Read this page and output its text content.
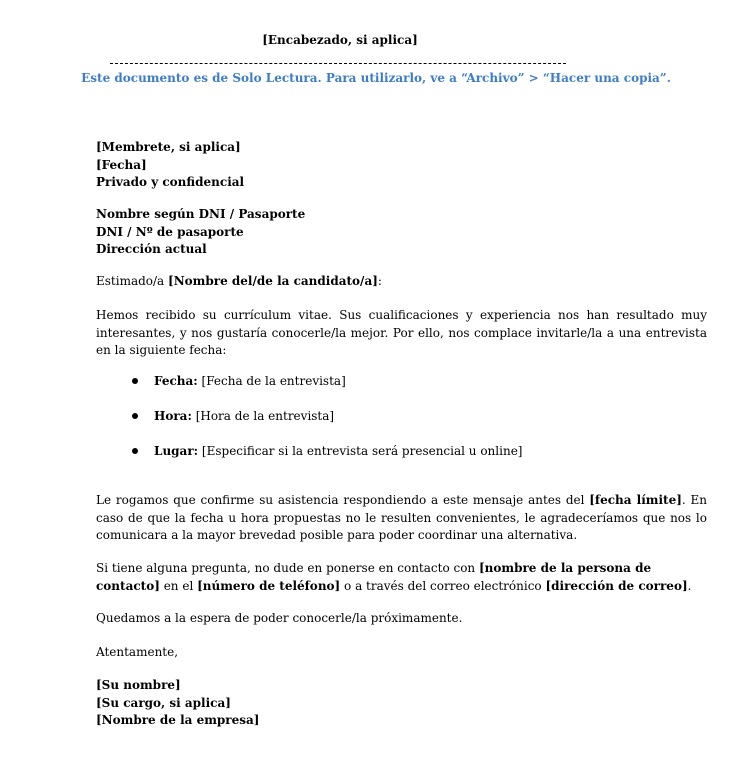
[Encabezado, si aplica]
Este documento es de Solo Lectura. Para utilizarlo, ve a “Archivo” > “Hacer una copia”.
[Membrete, si aplica]
[Fecha]
Privado y confidencial
Nombre según DNI / Pasaporte
DNI / Nº de pasaporte
Dirección actual
Estimado/a [Nombre del/de la candidato/a]:
Hemos recibido su currículum vitae. Sus cualificaciones y experiencia nos han resultado muy interesantes, y nos gustaría conocerle/la mejor. Por ello, nos complace invitarle/la a una entrevista en la siguiente fecha:
Fecha: [Fecha de la entrevista]
Hora: [Hora de la entrevista]
Lugar: [Especificar si la entrevista será presencial u online]
Le rogamos que confirme su asistencia respondiendo a este mensaje antes del [fecha límite]. En caso de que la fecha u hora propuestas no le resulten convenientes, le agradeceríamos que nos lo comunicara a la mayor brevedad posible para poder coordinar una alternativa.
Si tiene alguna pregunta, no dude en ponerse en contacto con [nombre de la persona de contacto] en el [número de teléfono] o a través del correo electrónico [dirección de correo].
Quedamos a la espera de poder conocerle/la próximamente.
Atentamente,
[Su nombre]
[Su cargo, si aplica]
[Nombre de la empresa]
